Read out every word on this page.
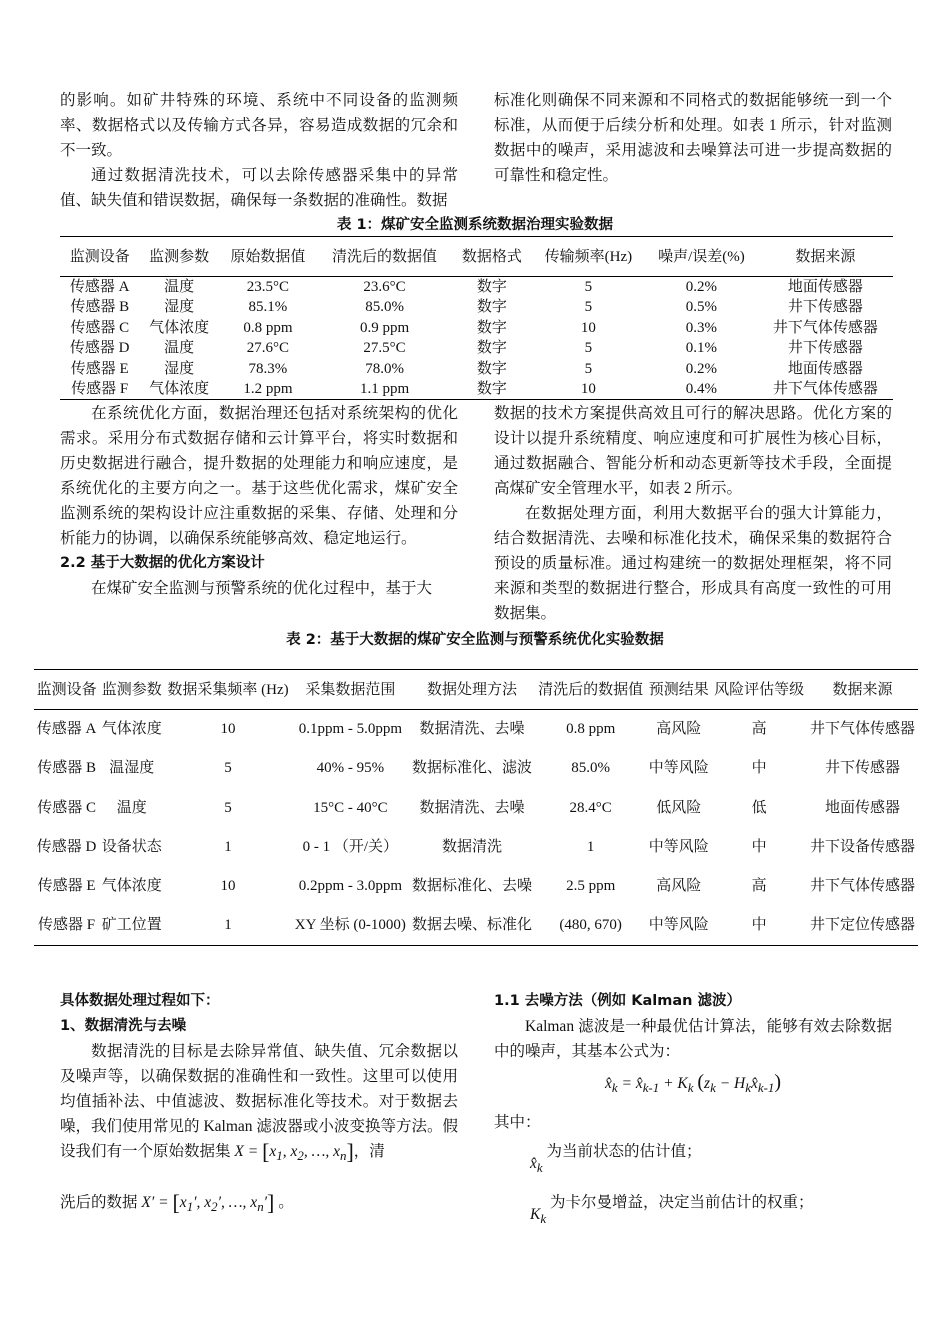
的影响。如矿井特殊的环境、系统中不同设备的监测频率、数据格式以及传输方式各异，容易造成数据的冗余和不一致。

通过数据清洗技术，可以去除传感器采集中的异常值、缺失值和错误数据，确保每一条数据的准确性。数据

标准化则确保不同来源和不同格式的数据能够统一到一个标准，从而便于后续分析和处理。如表 1 所示，针对监测数据中的噪声，采用滤波和去噪算法可进一步提高数据的可靠性和稳定性。

表 1：煤矿安全监测系统数据治理实验数据
监测设备	监测参数	原始数据值	清洗后的数据值	数据格式	传输频率(Hz)	噪声/误差(%)	数据来源
传感器 A	温度	23.5°C	23.6°C	数字	5	0.2%	地面传感器
传感器 B	湿度	85.1%	85.0%	数字	5	0.5%	井下传感器
传感器 C	气体浓度	0.8 ppm	0.9 ppm	数字	10	0.3%	井下气体传感器
传感器 D	温度	27.6°C	27.5°C	数字	5	0.1%	井下传感器
传感器 E	湿度	78.3%	78.0%	数字	5	0.2%	地面传感器
传感器 F	气体浓度	1.2 ppm	1.1 ppm	数字	10	0.4%	井下气体传感器

在系统优化方面，数据治理还包括对系统架构的优化需求。采用分布式数据存储和云计算平台，将实时数据和历史数据进行融合，提升数据的处理能力和响应速度，是系统优化的主要方向之一。基于这些优化需求，煤矿安全监测系统的架构设计应注重数据的采集、存储、处理和分析能力的协调，以确保系统能够高效、稳定地运行。

2.2 基于大数据的优化方案设计

在煤矿安全监测与预警系统的优化过程中，基于大

数据的技术方案提供高效且可行的解决思路。优化方案的设计以提升系统精度、响应速度和可扩展性为核心目标，通过数据融合、智能分析和动态更新等技术手段，全面提高煤矿安全管理水平，如表 2 所示。

在数据处理方面，利用大数据平台的强大计算能力，结合数据清洗、去噪和标准化技术，确保采集的数据符合预设的质量标准。通过构建统一的数据处理框架，将不同来源和类型的数据进行整合，形成具有高度一致性的可用数据集。

表 2：基于大数据的煤矿安全监测与预警系统优化实验数据
监测设备	监测参数	数据采集频率 (Hz)	采集数据范围	数据处理方法	清洗后的数据值	预测结果	风险评估等级	数据来源
传感器 A	气体浓度	10	0.1ppm - 5.0ppm	数据清洗、去噪	0.8 ppm	高风险	高	井下气体传感器
传感器 B	温湿度	5	40% - 95%	数据标准化、滤波	85.0%	中等风险	中	井下传感器
传感器 C	温度	5	15°C - 40°C	数据清洗、去噪	28.4°C	低风险	低	地面传感器
传感器 D	设备状态	1	0 - 1 （开/关）	数据清洗	1	中等风险	中	井下设备传感器
传感器 E	气体浓度	10	0.2ppm - 3.0ppm	数据标准化、去噪	2.5 ppm	高风险	高	井下气体传感器
传感器 F	矿工位置	1	XY 坐标 (0-1000)	数据去噪、标准化	(480, 670)	中等风险	中	井下定位传感器

具体数据处理过程如下：

1、数据清洗与去噪

数据清洗的目标是去除异常值、缺失值、冗余数据以及噪声等，以确保数据的准确性和一致性。这里可以使用均值插补法、中值滤波、数据标准化等技术。对于数据去噪，我们使用常见的 Kalman 滤波器或小波变换等方法。假设我们有一个原始数据集 $X = [x_1$, $x_2$, …, $x_n$]，清

洗后的数据 $X' = [x_1'$, $x_2'$, …, $x_n'$] 。

1.1 去噪方法（例如 Kalman 滤波）

Kalman 滤波是一种最优估计算法，能够有效去除数据中的噪声，其基本公式为：

$x̂_k$ = $x̂_{k-1} + K_k$ ($z_k$ − $H_kx̂_{k-1}$)

其中：

$x̂_k$ 为当前状态的估计值；

$K_k$ 为卡尔曼增益，决定当前估计的权重；
